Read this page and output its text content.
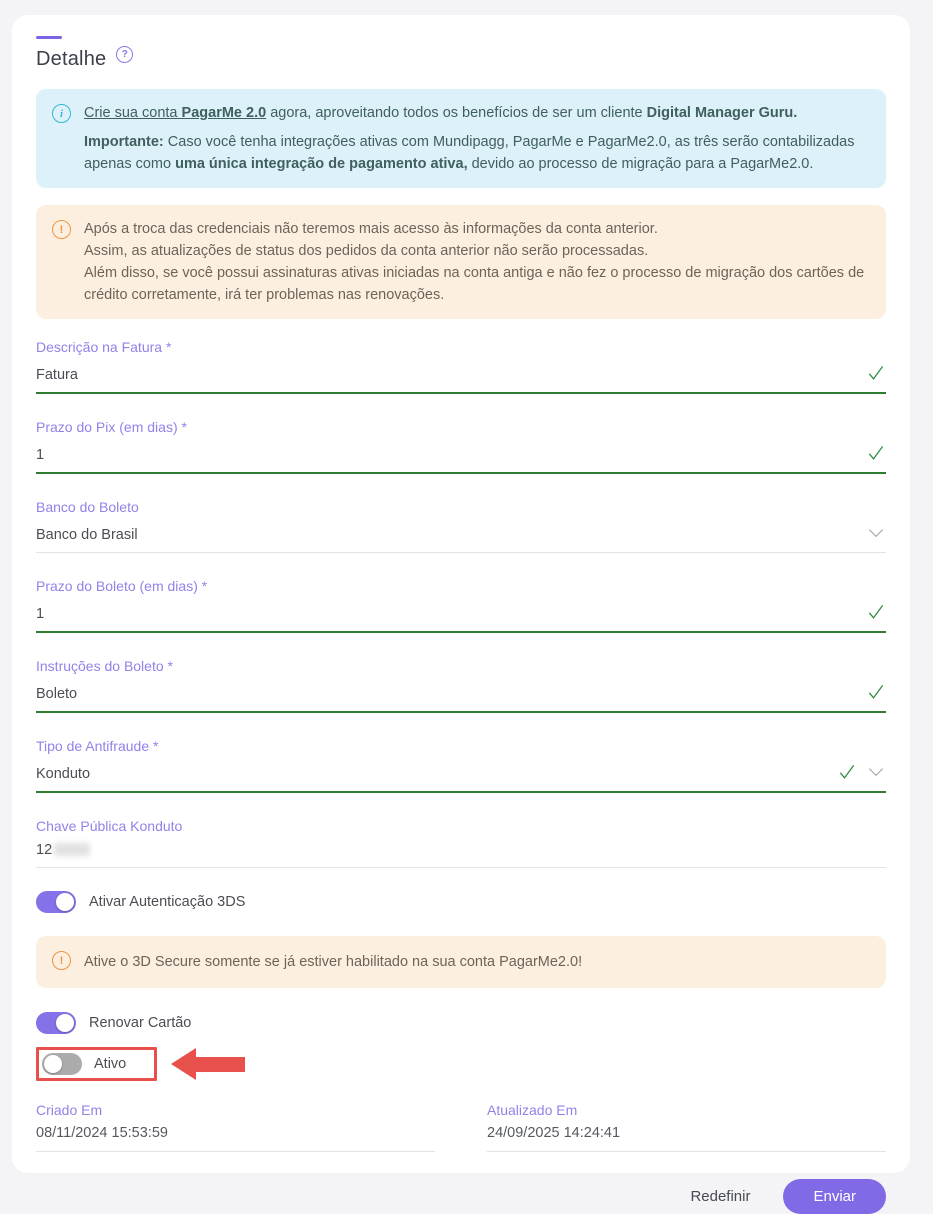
Detalhe	?
i	Crie sua conta PagarMe 2.0 agora, aproveitando todos os benefícios de ser um cliente Digital Manager Guru.
Importante: Caso você tenha integrações ativas com Mundipagg, PagarMe e PagarMe2.0, as três serão contabilizadas apenas como uma única integração de pagamento ativa, devido ao processo de migração para a PagarMe2.0.
!	Após a troca das credenciais não teremos mais acesso às informações da conta anterior.
Assim, as atualizações de status dos pedidos da conta anterior não serão processadas.
Além disso, se você possui assinaturas ativas iniciadas na conta antiga e não fez o processo de migração dos cartões de crédito corretamente, irá ter problemas nas renovações.
Descrição na Fatura *
Fatura
Prazo do Pix (em dias) *
1
Banco do Boleto
Banco do Brasil
Prazo do Boleto (em dias) *
1
Instruções do Boleto *
Boleto
Tipo de Antifraude *
Konduto
Chave Pública Konduto
12
Ativar Autenticação 3DS
!	Ative o 3D Secure somente se já estiver habilitado na sua conta PagarMe2.0!
Renovar Cartão
Ativo
Criado Em
08/11/2024 15:53:59
Atualizado Em
24/09/2025 14:24:41
Redefinir	Enviar
